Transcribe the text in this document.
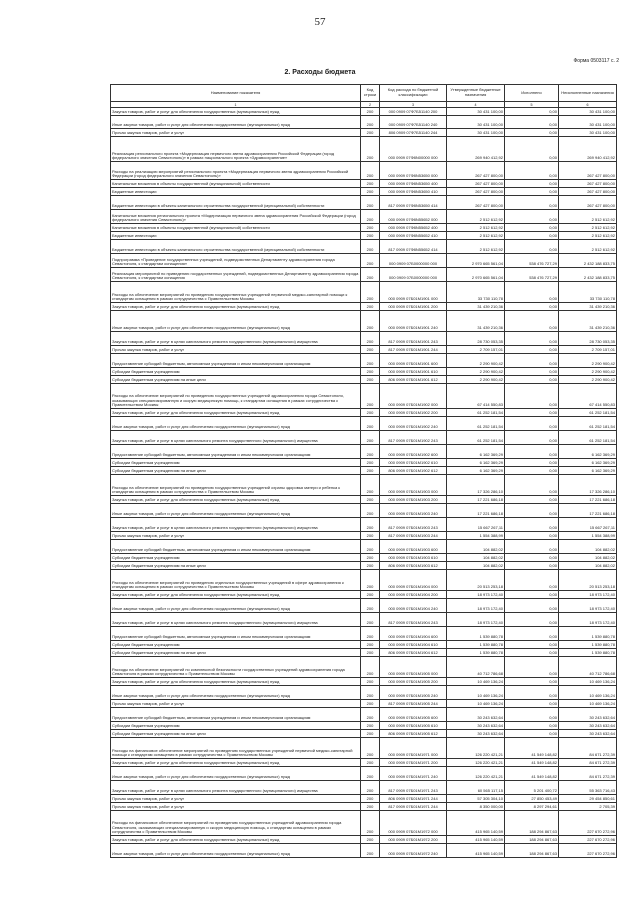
57
Форма 0503117 с. 2
2. Расходы бюджета
Наименование показателя	Код строки	Код расхода по бюджетной классификации	Утвержденные бюджетные назначения	Исполнено	Неисполненные назначения
1	2	3	4	5	6
Закупка товаров, работ и услуг для обеспечения государственных (муниципальных) нужд	200	000 0909 07Ф7Б51140 200	30 431 100,00	0,00	30 431 100,00
Иные закупки товаров, работ и услуг для обеспечения государственных (муниципальных) нужд	200	000 0909 07Ф7Б51140 240	30 431 100,00	0,00	30 431 100,00
Прочая закупка товаров, работ и услуг	200	806 0909 07Ф7Б51140 244	30 431 100,00	0,00	30 431 100,00
Реализация регионального проекта «Модернизация первичного звена здравоохранения Российской Федерации (город федерального значения Севастополь)» в рамках национального проекта «Здравоохранение»	200	000 0909 07Ф8N00000 000	269 940 412,92	0,00	269 940 412,92
Расходы на реализацию мероприятий регионального проекта «Модернизация первичного звена здравоохранения Российской Федерации (город федерального значения Севастополь)»	200	000 0909 07Ф8N53650 000	267 427 800,00	0,00	267 427 800,00
Капитальные вложения в объекты государственной (муниципальной) собственности	200	000 0909 07Ф8N53650 400	267 427 800,00	0,00	267 427 800,00
Бюджетные инвестиции	200	000 0909 07Ф8N53650 410	267 427 800,00	0,00	267 427 800,00
Бюджетные инвестиции в объекты капитального строительства государственной (муниципальной) собственности	200	817 0909 07Ф8N53650 414	267 427 800,00	0,00	267 427 800,00
Капитальные вложения регионального проекта «Модернизация первичного звена здравоохранения Российской Федерации (город федерального значения Севастополь)»	200	000 0909 07Ф8N55652 000	2 512 612,92	0,00	2 512 612,92
Капитальные вложения в объекты государственной (муниципальной) собственности	200	000 0909 07Ф8N55652 400	2 512 612,92	0,00	2 512 612,92
Бюджетные инвестиции	200	000 0909 07Ф8N55652 410	2 512 612,92	0,00	2 512 612,92
Бюджетные инвестиции в объекты капитального строительства государственной (муниципальной) собственности	200	817 0909 07Ф8N55652 414	2 512 612,92	0,00	2 512 612,92
Подпрограмма «Проведение государственных учреждений, подведомственных Департаменту здравоохранения города Севастополя, к стандартам оснащения»	200	000 0909 07Б0000000 000	2 970 665 561,04	538 476 727,29	2 432 188 833,75
Реализация мероприятий по приведению государственных учреждений, подведомственных Департаменту здравоохранения города Севастополя, к стандартам оснащения	200	000 0909 07Б0000000 000	2 970 665 561,04	538 476 727,29	2 432 188 833,75
Расходы на обеспечение мероприятий по приведению государственных учреждений первичной медико-санитарной помощи к стандартам оснащения в рамках сотрудничества с Правительством Москвы	200	000 0909 07Б01М1901 000	33 730 110,78	0,00	33 730 110,78
Закупка товаров, работ и услуг для обеспечения государственных (муниципальных) нужд	200	000 0909 07Б01М1901 200	31 439 210,36	0,00	31 439 210,36
Иные закупки товаров, работ и услуг для обеспечения государственных (муниципальных) нужд	200	000 0909 07Б01М1901 240	31 439 210,36	0,00	31 439 210,36
Закупка товаров, работ и услуг в целях капитального ремонта государственного (муниципального) имущества	200	817 0909 07Б01М1901 243	28 730 053,35	0,00	28 730 053,35
Прочая закупка товаров, работ и услуг	200	817 0909 07Б01М1901 244	2 709 157,01	0,00	2 709 157,01
Предоставление субсидий бюджетным, автономным учреждениям и иным некоммерческим организациям	200	000 0909 07Б01М1901 600	2 290 900,42	0,00	2 290 900,42
Субсидии бюджетным учреждениям	200	000 0909 07Б01М1901 610	2 290 900,42	0,00	2 290 900,42
Субсидии бюджетным учреждениям на иные цели	200	806 0909 07Б01М1901 612	2 290 900,42	0,00	2 290 900,42
Расходы на обеспечение мероприятий по приведению государственных учреждений здравоохранения города Севастополя, оказывающих специализированную и скорую медицинскую помощь, к стандартам оснащения в рамках сотрудничества с Правительством Москвы	200	000 0909 07Б01М1902 000	67 414 550,83	0,00	67 414 550,83
Закупка товаров, работ и услуг для обеспечения государственных (муниципальных) нужд	200	000 0909 07Б01М1902 200	61 252 181,54	0,00	61 252 181,54
Иные закупки товаров, работ и услуг для обеспечения государственных (муниципальных) нужд	200	000 0909 07Б01М1902 240	61 252 181,54	0,00	61 252 181,54
Закупка товаров, работ и услуг в целях капитального ремонта государственного (муниципального) имущества	200	817 0909 07Б01М1902 243	61 252 181,54	0,00	61 252 181,54
Предоставление субсидий бюджетным, автономным учреждениям и иным некоммерческим организациям	200	000 0909 07Б01М1902 600	6 162 369,29	0,00	6 162 369,29
Субсидии бюджетным учреждениям	200	000 0909 07Б01М1902 610	6 162 369,29	0,00	6 162 369,29
Субсидии бюджетным учреждениям на иные цели	200	806 0909 07Б01М1902 612	6 162 369,29	0,00	6 162 369,29
Расходы на обеспечение мероприятий по приведению государственных учреждений охраны здоровья матери и ребенка к стандартам оснащения в рамках сотрудничества с Правительством Москвы	200	000 0909 07Б01М1903 000	17 326 286,10	0,00	17 326 286,10
Закупка товаров, работ и услуг для обеспечения государственных (муниципальных) нужд	200	000 0909 07Б01М1903 200	17 221 686,18	0,00	17 221 686,18
Иные закупки товаров, работ и услуг для обеспечения государственных (муниципальных) нужд	200	000 0909 07Б01М1903 240	17 221 686,18	0,00	17 221 686,18
Закупка товаров, работ и услуг в целях капитального ремонта государственного (муниципального) имущества	200	817 0909 07Б01М1903 243	15 667 267,11	0,00	15 667 267,11
Прочая закупка товаров, работ и услуг	200	817 0909 07Б01М1903 244	1 554 388,99	0,00	1 554 388,99
Предоставление субсидий бюджетным, автономным учреждениям и иным некоммерческим организациям	200	000 0909 07Б01М1903 600	104 882,02	0,00	104 882,02
Субсидии бюджетным учреждениям	200	000 0909 07Б01М1903 610	104 882,02	0,00	104 882,02
Субсидии бюджетным учреждениям на иные цели	200	806 0909 07Б01М1903 612	104 882,02	0,00	104 882,02
Расходы на обеспечение мероприятий по приведению отдельных государственных учреждений в сфере здравоохранения к стандартам оснащения в рамках сотрудничества с Правительством Москвы	200	000 0909 07Б01М1904 000	20 513 253,18	0,00	20 513 253,18
Закупка товаров, работ и услуг для обеспечения государственных (муниципальных) нужд	200	000 0909 07Б01М1904 200	18 973 172,40	0,00	18 973 172,40
Иные закупки товаров, работ и услуг для обеспечения государственных (муниципальных) нужд	200	000 0909 07Б01М1904 240	18 973 172,40	0,00	18 973 172,40
Закупка товаров, работ и услуг в целях капитального ремонта государственного (муниципального) имущества	200	817 0909 07Б01М1904 243	18 973 172,40	0,00	18 973 172,40
Предоставление субсидий бюджетным, автономным учреждениям и иным некоммерческим организациям	200	000 0909 07Б01М1904 600	1 539 880,78	0,00	1 539 880,78
Субсидии бюджетным учреждениям	200	000 0909 07Б01М1904 610	1 539 880,78	0,00	1 539 880,78
Субсидии бюджетным учреждениям на иные цели	200	806 0909 07Б01М1904 612	1 539 880,78	0,00	1 539 880,78
Расходы на обеспечение мероприятий по комплексной безопасности государственных учреждений здравоохранения города Севастополя в рамках сотрудничества с Правительством Москвы	200	000 0909 07Б01М1905 000	40 712 786,68	0,00	40 712 786,68
Закупка товаров, работ и услуг для обеспечения государственных (муниципальных) нужд	200	000 0909 07Б01М1905 200	10 469 136,24	0,00	10 469 136,24
Иные закупки товаров, работ и услуг для обеспечения государственных (муниципальных) нужд	200	000 0909 07Б01М1905 240	10 469 136,24	0,00	10 469 136,24
Прочая закупка товаров, работ и услуг	200	817 0909 07Б01М1905 244	10 469 136,24	0,00	10 469 136,24
Предоставление субсидий бюджетным, автономным учреждениям и иным некоммерческим организациям	200	000 0909 07Б01М1905 600	30 243 632,64	0,00	30 243 632,64
Субсидии бюджетным учреждениям	200	000 0909 07Б01М1905 610	30 243 632,64	0,00	30 243 632,64
Субсидии бюджетным учреждениям на иные цели	200	806 0909 07Б01М1905 612	30 243 632,64	0,00	30 243 632,64
Расходы на финансовое обеспечение мероприятий по приведению государственных учреждений первичной медико-санитарной помощи к стандартам оснащения в рамках сотрудничества с Правительством Москвы	200	000 0909 07Б01М1971 000	126 220 421,21	41 549 148,82	84 671 272,39
Закупка товаров, работ и услуг для обеспечения государственных (муниципальных) нужд	200	000 0909 07Б01М1971 200	126 220 421,21	41 549 148,82	84 671 272,39
Иные закупки товаров, работ и услуг для обеспечения государственных (муниципальных) нужд	200	000 0909 07Б01М1971 240	126 220 421,21	41 549 148,82	84 671 272,39
Закупка товаров, работ и услуг в целях капитального ремонта государственного (муниципального) имущества	200	817 0909 07Б01М1971 243	60 565 117,15	5 201 400,72	55 363 716,43
Прочая закупка товаров, работ и услуг	200	806 0909 07Б01М1971 244	57 305 304,10	27 850 453,49	29 454 850,61
Прочая закупка товаров, работ и услуг	200	817 0909 07Б01М1971 244	8 350 000,00	8 297 294,61	2 705,39
Расходы на финансовое обеспечение мероприятий по приведению государственных учреждений здравоохранения города Севастополя, оказывающих специализированную и скорую медицинскую помощь, к стандартам оснащения в рамках сотрудничества с Правительством Москвы	200	000 0909 07Б01М1972 000	415 965 140,59	188 294 867,63	227 670 272,96
Закупка товаров, работ и услуг для обеспечения государственных (муниципальных) нужд	200	000 0909 07Б01М1972 200	415 965 140,59	188 294 867,63	227 670 272,96
Иные закупки товаров, работ и услуг для обеспечения государственных (муниципальных) нужд	200	000 0909 07Б01М1972 240	415 965 140,59	188 294 867,63	227 670 272,96
